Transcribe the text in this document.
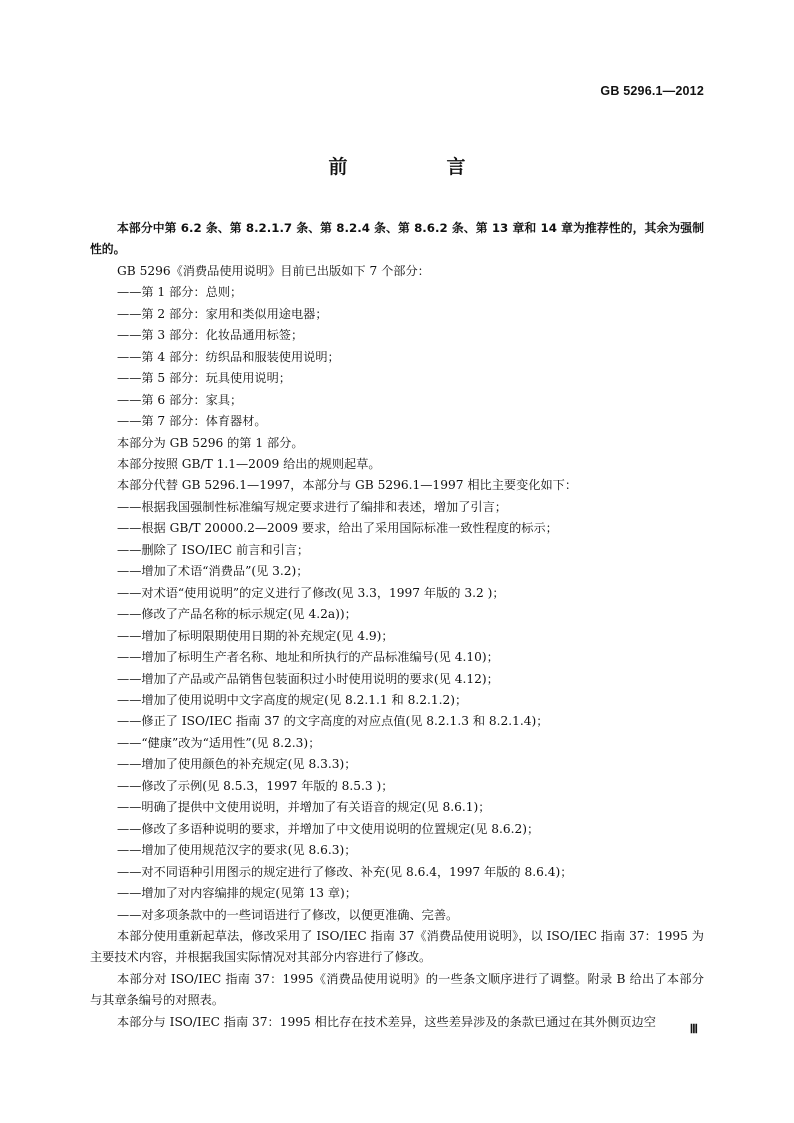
GB 5296.1—2012
前　言

本部分中第 6.2 条、第 8.2.1.7 条、第 8.2.4 条、第 8.6.2 条、第 13 章和 14 章为推荐性的，其余为强制性的。

GB 5296《消费品使用说明》目前已出版如下 7 个部分：

——第 1 部分：总则；

——第 2 部分：家用和类似用途电器；

——第 3 部分：化妆品通用标签；

——第 4 部分：纺织品和服装使用说明；

——第 5 部分：玩具使用说明；

——第 6 部分：家具；

——第 7 部分：体育器材。

本部分为 GB 5296 的第 1 部分。

本部分按照 GB/T 1.1—2009 给出的规则起草。

本部分代替 GB 5296.1—1997，本部分与 GB 5296.1—1997 相比主要变化如下：

——根据我国强制性标准编写规定要求进行了编排和表述，增加了引言；

——根据 GB/T 20000.2—2009 要求，给出了采用国际标准一致性程度的标示；

——删除了 ISO/IEC 前言和引言；

——增加了术语“消费品”(见 3.2)；

——对术语“使用说明”的定义进行了修改(见 3.3，1997 年版的 3.2 )；

——修改了产品名称的标示规定(见 4.2a))；

——增加了标明限期使用日期的补充规定(见 4.9)；

——增加了标明生产者名称、地址和所执行的产品标准编号(见 4.10)；

——增加了产品或产品销售包装面积过小时使用说明的要求(见 4.12)；

——增加了使用说明中文字高度的规定(见 8.2.1.1 和 8.2.1.2)；

——修正了 ISO/IEC 指南 37 的文字高度的对应点值(见 8.2.1.3 和 8.2.1.4)；

——“健康”改为“适用性”(见 8.2.3)；

——增加了使用颜色的补充规定(见 8.3.3)；

——修改了示例(见 8.5.3，1997 年版的 8.5.3 )；

——明确了提供中文使用说明，并增加了有关语音的规定(见 8.6.1)；

——修改了多语种说明的要求，并增加了中文使用说明的位置规定(见 8.6.2)；

——增加了使用规范汉字的要求(见 8.6.3)；

——对不同语种引用图示的规定进行了修改、补充(见 8.6.4，1997 年版的 8.6.4)；

——增加了对内容编排的规定(见第 13 章)；

——对多项条款中的一些词语进行了修改，以便更准确、完善。

本部分使用重新起草法，修改采用了 ISO/IEC 指南 37《消费品使用说明》，以 ISO/IEC 指南 37：1995 为主要技术内容，并根据我国实际情况对其部分内容进行了修改。

本部分对 ISO/IEC 指南 37：1995《消费品使用说明》的一些条文顺序进行了调整。附录 B 给出了本部分与其章条编号的对照表。

本部分与 ISO/IEC 指南 37：1995 相比存在技术差异，这些差异涉及的条款已通过在其外侧页边空

Ⅲ
